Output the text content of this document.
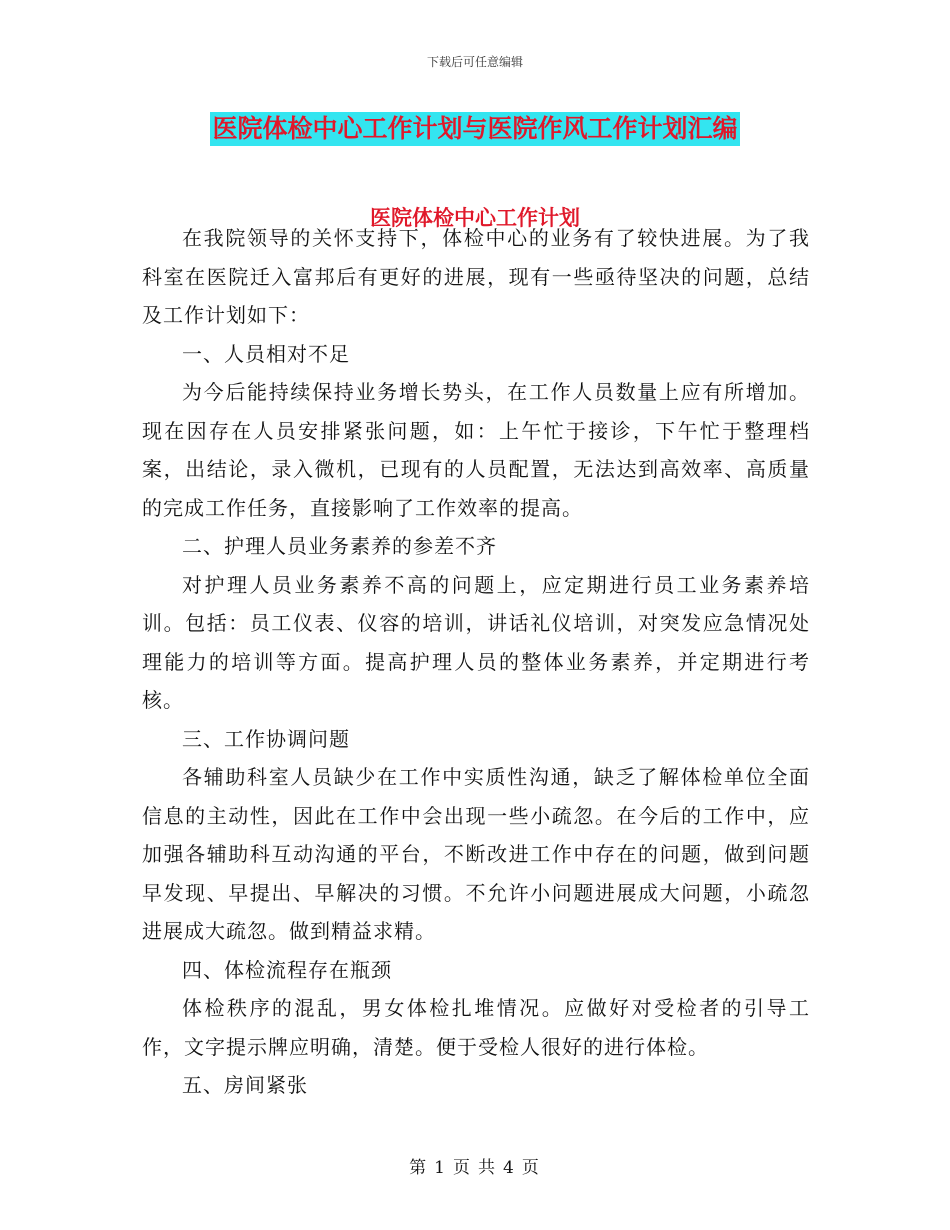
下载后可任意编辑
医院体检中心工作计划与医院作风工作计划汇编
医院体检中心工作计划

在我院领导的关怀支持下，体检中心的业务有了较快进展。为了我科室在医院迁入富邦后有更好的进展，现有一些亟待坚决的问题，总结及工作计划如下：

一、人员相对不足

为今后能持续保持业务增长势头，在工作人员数量上应有所增加。现在因存在人员安排紧张问题，如：上午忙于接诊，下午忙于整理档案，出结论，录入微机，已现有的人员配置，无法达到高效率、高质量的完成工作任务，直接影响了工作效率的提高。

二、护理人员业务素养的参差不齐

对护理人员业务素养不高的问题上，应定期进行员工业务素养培训。包括：员工仪表、仪容的培训，讲话礼仪培训，对突发应急情况处理能力的培训等方面。提高护理人员的整体业务素养，并定期进行考核。

三、工作协调问题

各辅助科室人员缺少在工作中实质性沟通，缺乏了解体检单位全面信息的主动性，因此在工作中会出现一些小疏忽。在今后的工作中，应加强各辅助科互动沟通的平台，不断改进工作中存在的问题，做到问题早发现、早提出、早解决的习惯。不允许小问题进展成大问题，小疏忽进展成大疏忽。做到精益求精。

四、体检流程存在瓶颈

体检秩序的混乱，男女体检扎堆情况。应做好对受检者的引导工作，文字提示牌应明确，清楚。便于受检人很好的进行体检。

五、房间紧张

第 1 页 共 4 页
